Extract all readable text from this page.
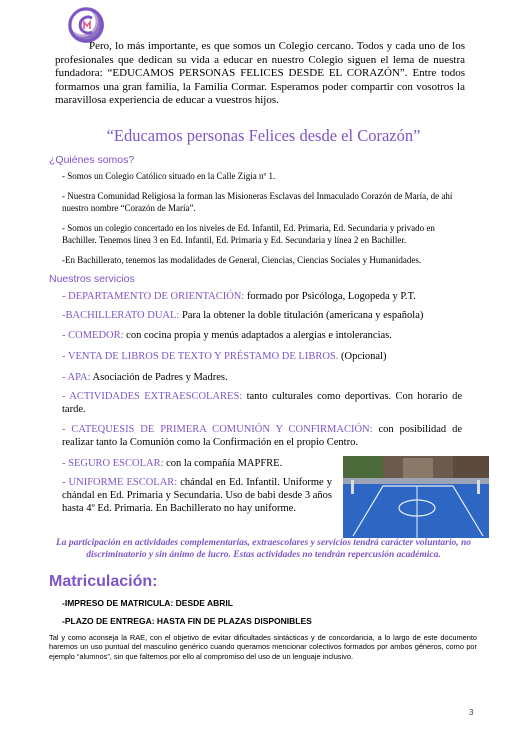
Pero, lo más importante, es que somos un Colegio cercano. Todos y cada uno de los profesionales que dedican su vida a educar en nuestro Colegio siguen el lema de nuestra fundadora: “EDUCAMOS PERSONAS FELICES DESDE EL CORAZÓN”. Entre todos formamos una gran familia, la Familia Cormar. Esperamos poder compartir con vosotros la maravillosa experiencia de educar a vuestros hijos.
“Educamos personas Felices desde el Corazón”
¿Quiénes somos?
- Somos un Colegio Católico situado en la Calle Zigia nº 1.
- Nuestra Comunidad Religiosa la forman las Misioneras Esclavas del Inmaculado Corazón de María, de ahí nuestro nombre “Corazón de María”.
- Somos un colegio concertado en los niveles de Ed. Infantil, Ed. Primaria, Ed. Secundaria y privado en Bachiller. Tenemos línea 3 en Ed. Infantil, Ed. Primaria y Ed. Secundaria y línea 2 en Bachiller.
-En Bachillerato, tenemos las modalidades de General, Ciencias, Ciencias Sociales y Humanidades.
Nuestros servicios
- DEPARTAMENTO DE ORIENTACIÓN: formado por Psicóloga, Logopeda y P.T.
-BACHILLERATO DUAL: Para la obtener la doble titulación (americana y española)
- COMEDOR: con cocina propia y menús adaptados a alergias e intolerancias.
- VENTA DE LIBROS DE TEXTO Y PRÉSTAMO DE LIBROS. (Opcional)
- APA: Asociación de Padres y Madres.
- ACTIVIDADES EXTRAESCOLARES: tanto culturales como deportivas. Con horario de tarde.
- CATEQUESIS DE PRIMERA COMUNIÓN Y CONFIRMACIÓN: con posibilidad de realizar tanto la Comunión como la Confirmación en el propio Centro.
- SEGURO ESCOLAR: con la compañía MAPFRE.
- UNIFORME ESCOLAR: chándal en Ed. Infantil. Uniforme y chándal en Ed. Primaria y Secundaria. Uso de babi desde 3 años hasta 4º Ed. Primaria. En Bachillerato no hay uniforme.
La participación en actividades complementarias, extraescolares y servicios tendrá carácter voluntario, no discriminatorio y sin ánimo de lucro. Estas actividades no tendrán repercusión académica.
Matriculación:
-IMPRESO DE MATRICULA: DESDE ABRIL
-PLAZO DE ENTREGA: HASTA FIN DE PLAZAS DISPONIBLES
Tal y como aconseja la RAE, con el objetivo de evitar dificultades sintácticas y de concordancia, a lo largo de este documento haremos un uso puntual del masculino genérico cuando queramos mencionar colectivos formados por ambos géneros, como por ejemplo “alumnos”, sin que faltemos por ello al compromiso del uso de un lenguaje inclusivo.
3
